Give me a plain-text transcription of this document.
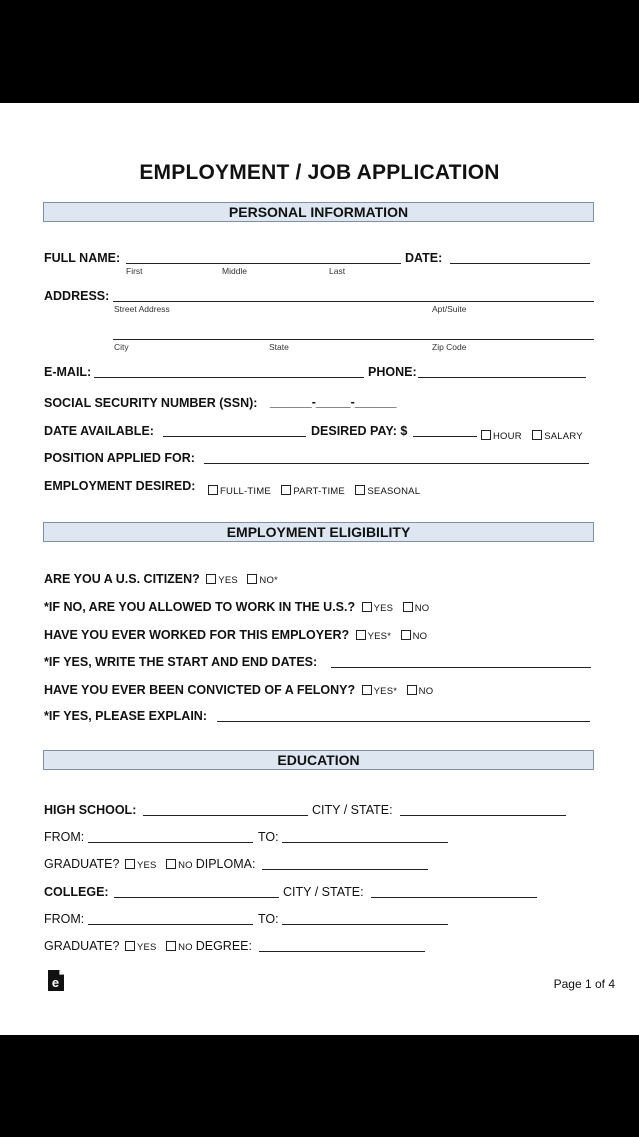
EMPLOYMENT / JOB APPLICATION
PERSONAL INFORMATION
FULL NAME:
First	Middle	Last
DATE:
ADDRESS:
Street Address	Apt/Suite
City	State	Zip Code
E-MAIL:	PHONE:
SOCIAL SECURITY NUMBER (SSN): ______-_____-______
DATE AVAILABLE:	DESIRED PAY: $	HOUR SALARY
POSITION APPLIED FOR:
EMPLOYMENT DESIRED:	FULL-TIME PART-TIME SEASONAL
EMPLOYMENT ELIGIBILITY
ARE YOU A U.S. CITIZEN? YES NO*
*IF NO, ARE YOU ALLOWED TO WORK IN THE U.S.? YES NO
HAVE YOU EVER WORKED FOR THIS EMPLOYER? YES* NO
*IF YES, WRITE THE START AND END DATES:
HAVE YOU EVER BEEN CONVICTED OF A FELONY? YES* NO
*IF YES, PLEASE EXPLAIN:
EDUCATION
HIGH SCHOOL:	CITY / STATE:
FROM:	TO:
GRADUATE? YES NO DIPLOMA:
COLLEGE:	CITY / STATE:
FROM:	TO:
GRADUATE? YES NO DEGREE:
e	Page 1 of 4
